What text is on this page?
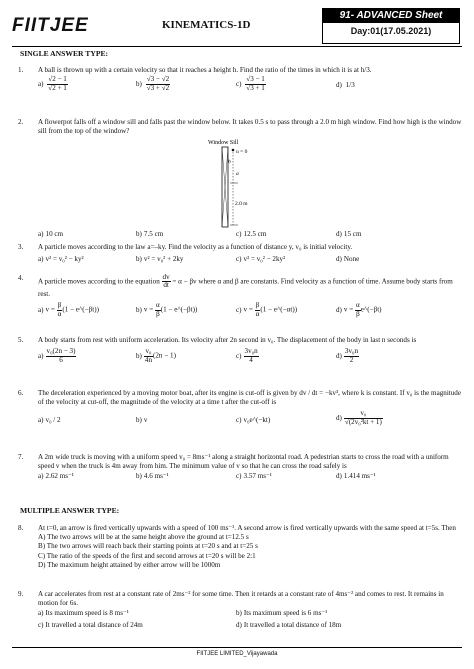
FIITJEE	KINEMATICS-1D
91- ADVANCED Sheet
Day:01(17.05.2021)
SINGLE ANSWER TYPE:
1. A ball is thrown up with a certain velocity so that it reaches a height h. Find the ratio of the times in which it is at h/3.
$a) \frac{√2 - 1}{√2 + 1}$	$b) \frac{√3 - √2}{√3 + √2}$	$c) \frac{√3 - 1}{√3 + 1}$	d) 1/3
2. A flowerpot falls off a window sill and falls past the window below. It takes 0.5 s to pass through a 2.0 m high window. Find how high is the window sill from the top of the window?
Window Sill
u = 0
h
a
2.0 m
a) 10 cm	b) 7.5 cm	c) 12.5 cm	d) 15 cm
3. A particle moves according to the law a=–ky. Find the velocity as a function of distance y, v₀ is initial velocity.
a) v² = v₀² − ky²	b) v² = v₀² + 2ky	c) v² = v₀² − 2ky²	d) None
4. A particle moves according to the equation $\frac{dv}{dt} = \alpha - \beta v$ where α and β are constants. Find velocity as a function of time. Assume body starts from rest.
a) $v = \frac{\beta}{\alpha} (1$ − e^(−βt))	b) $v = \frac{\alpha}{\beta} (1$ − e^(−βt))	c) $v = \frac{\beta}{\alpha} (1$ − e^(−αt))	d) $v = \frac{\alpha}{\beta}$ e^(−βt)
5. A body starts from rest with uniform acceleration. Its velocity after 2n second in v₀. The displacement of the body in last n seconds is
$a) \frac{\text{v₀(2n − 3)}}{6}$	$b) \frac{\text{v₀}}{4n} (2n - 1)$	$c) \frac{\text{3v₀n}}{4}$	$d) \frac{\text{3v₀n}}{2}$
6. The deceleration experienced by a moving motor boat, after its engine is cut-off is given by dv / dt = −kv³, where k is constant. If v₀ is the magnitude of the velocity at cut-off, the magnitude of the velocity at a time t after the cut-off is
a) v₀ / 2	b) v	c) v₀e^(−kt)	$d) \frac{\text{v₀}}{\text{√(2v₀²kt + 1)}}$
7. A 2m wide truck is moving with a uniform speed v₀ = 8ms⁻¹ along a straight horizontal road. A pedestrian starts to cross the road with a uniform speed v when the truck is 4m away from him. The minimum value of v so that he can cross the road safely is
a) 2.62 ms⁻¹	b) 4.6 ms⁻¹	c) 3.57 ms⁻¹	d) 1.414 ms⁻¹
MULTIPLE ANSWER TYPE:
8. At t=0, an arrow is fired vertically upwards with a speed of 100 ms⁻¹. A second arrow is fired vertically upwards with the same speed at t=5s. Then
A) The two arrows will be at the same height above the ground at t=12.5 s
B) The two arrows will reach back their starting points at t=20 s and at t=25 s
C) The ratio of the speeds of the first and second arrows at t=20 s will be 2:1
D) The maximum height attained by either arrow will be 1000m
9. A car accelerates from rest at a constant rate of 2ms⁻² for some time. Then it retards at a constant rate of 4ms⁻² and comes to rest. It remains in motion for 6s.
a) Its maximum speed is 8 ms⁻¹	b) Its maximum speed is 6 ms⁻¹
c) It travelled a total distance of 24m	d) It travelled a total distance of 18m
FIITJEE LIMITED_Vijayawada
